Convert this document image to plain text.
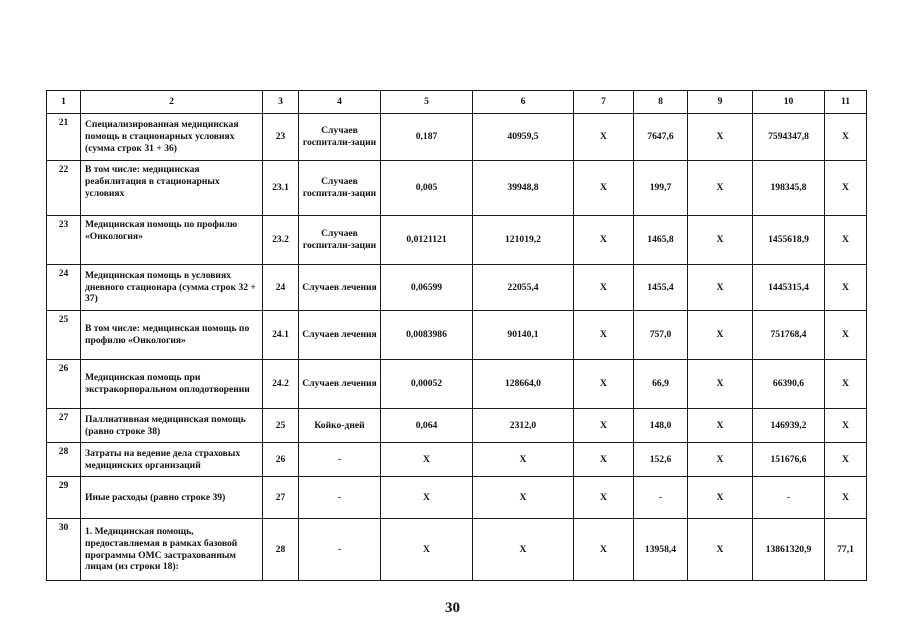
1	2	3	4	5	6	7	8	9	10	11
21	Специализированная медицинская помощь в стационарных условиях (сумма строк 31 + 36)	23	Случаев госпитали-зации	0,187	40959,5	X	7647,6	X	7594347,8	X
22	В том числе: медицинская реабилитация в стационарных условиях	23.1	Случаев госпитали-зации	0,005	39948,8	X	199,7	X	198345,8	X
23	Медицинская помощь по профилю «Онкология»	23.2	Случаев госпитали-зации	0,0121121	121019,2	X	1465,8	X	1455618,9	X
24	Медицинская помощь в условиях дневного стационара (сумма строк 32 + 37)	24	Случаев лечения	0,06599	22055,4	X	1455,4	X	1445315,4	X
25	В том числе: медицинская помощь по профилю «Онкология»	24.1	Случаев лечения	0,0083986	90140,1	X	757,0	X	751768,4	X
26	Медицинская помощь при экстракорпоральном оплодотворении	24.2	Случаев лечения	0,00052	128664,0	X	66,9	X	66390,6	X
27	Паллиативная медицинская помощь (равно строке 38)	25	Койко-дней	0,064	2312,0	X	148,0	X	146939,2	X
28	Затраты на ведение дела страховых медицинских организаций	26	-	X	X	X	152,6	X	151676,6	X
29	Иные расходы (равно строке 39)	27	-	X	X	X	-	X	-	X
30	1. Медицинская помощь, предоставляемая в рамках базовой программы ОМС застрахованным лицам (из строки 18):	28	-	X	X	X	13958,4	X	13861320,9	77,1
30
